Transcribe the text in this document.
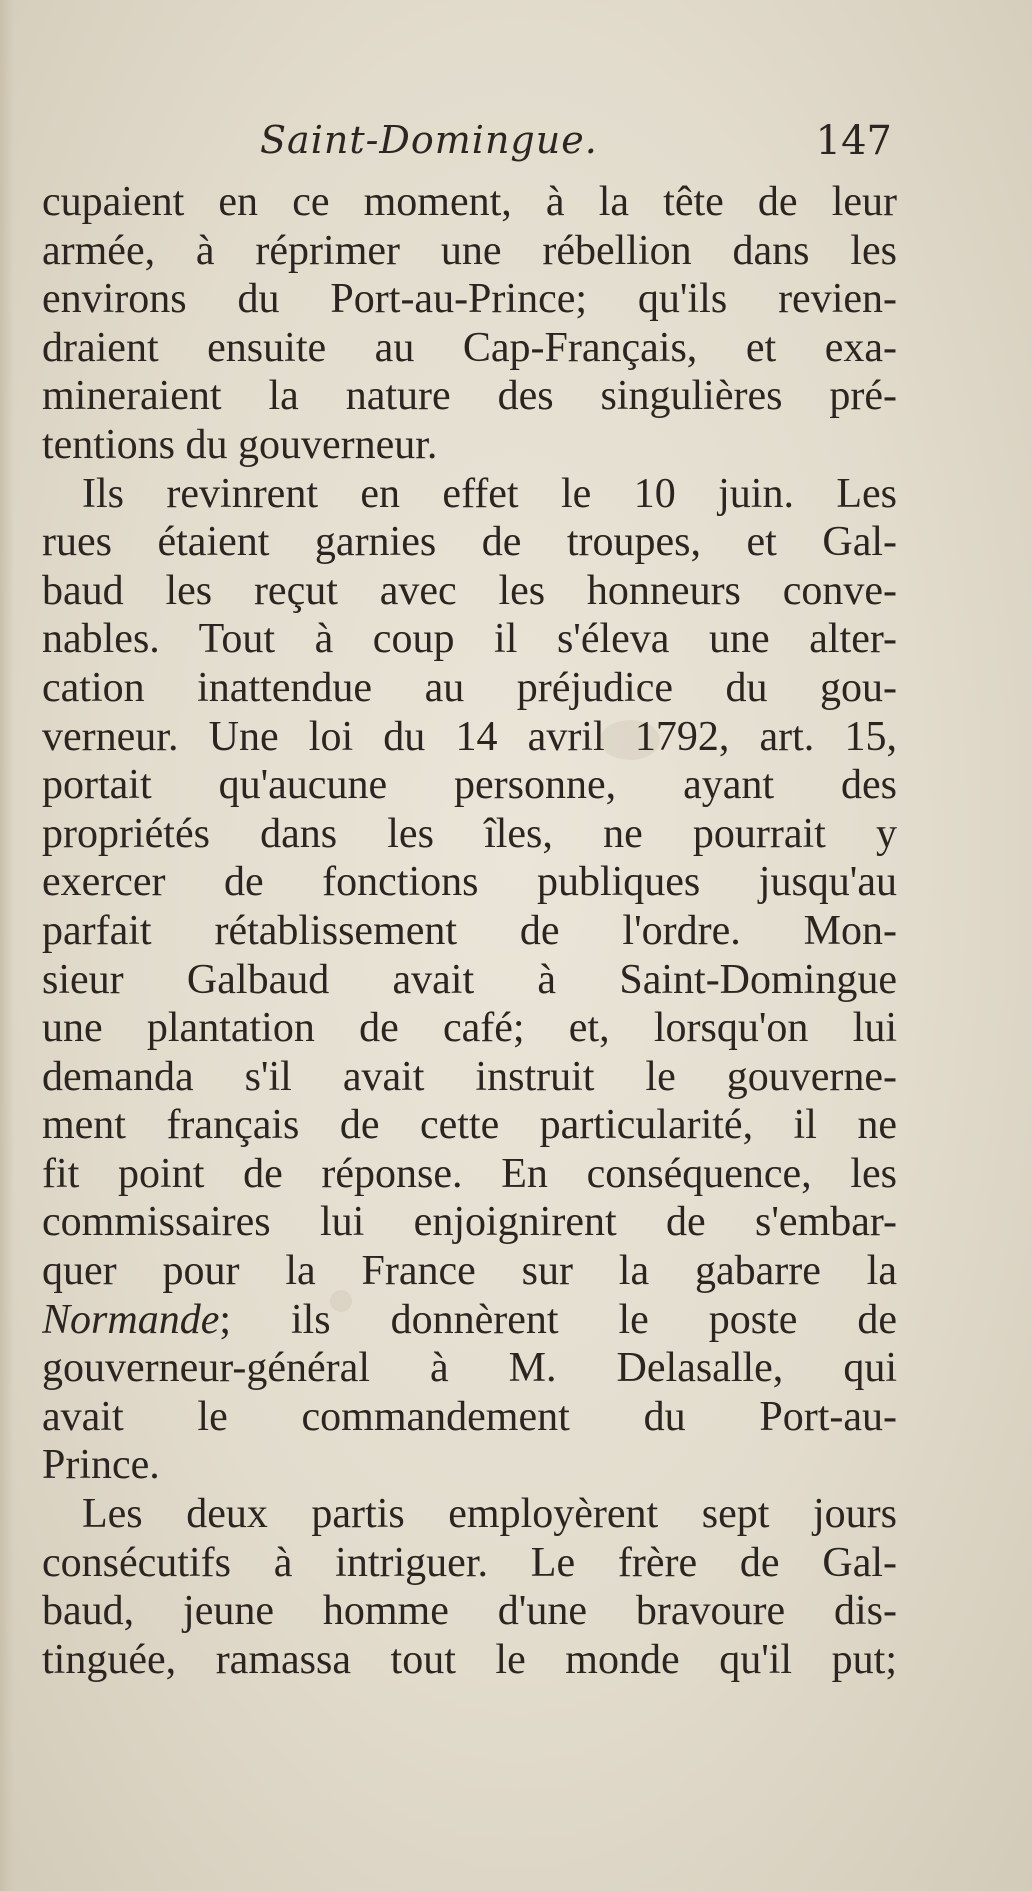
Saint-Domingue.	147
cupaient en ce moment, à la tête de leur
armée, à réprimer une rébellion dans les
environs du Port-au-Prince; qu'ils revien-
draient ensuite au Cap-Français, et exa-
mineraient la nature des singulières pré-
tentions du gouverneur.
Ils revinrent en effet le 10 juin. Les
rues étaient garnies de troupes, et Gal-
baud les reçut avec les honneurs conve-
nables. Tout à coup il s'éleva une alter-
cation inattendue au préjudice du gou-
verneur. Une loi du 14 avril 1792, art. 15,
portait qu'aucune personne, ayant des
propriétés dans les îles, ne pourrait y
exercer de fonctions publiques jusqu'au
parfait rétablissement de l'ordre. Mon-
sieur Galbaud avait à Saint-Domingue
une plantation de café; et, lorsqu'on lui
demanda s'il avait instruit le gouverne-
ment français de cette particularité, il ne
fit point de réponse. En conséquence, les
commissaires lui enjoignirent de s'embar-
quer pour la France sur la gabarre la
Normande; ils donnèrent le poste de
gouverneur-général à M. Delasalle, qui
avait le commandement du Port-au-
Prince.
Les deux partis employèrent sept jours
consécutifs à intriguer. Le frère de Gal-
baud, jeune homme d'une bravoure dis-
tinguée, ramassa tout le monde qu'il put;
